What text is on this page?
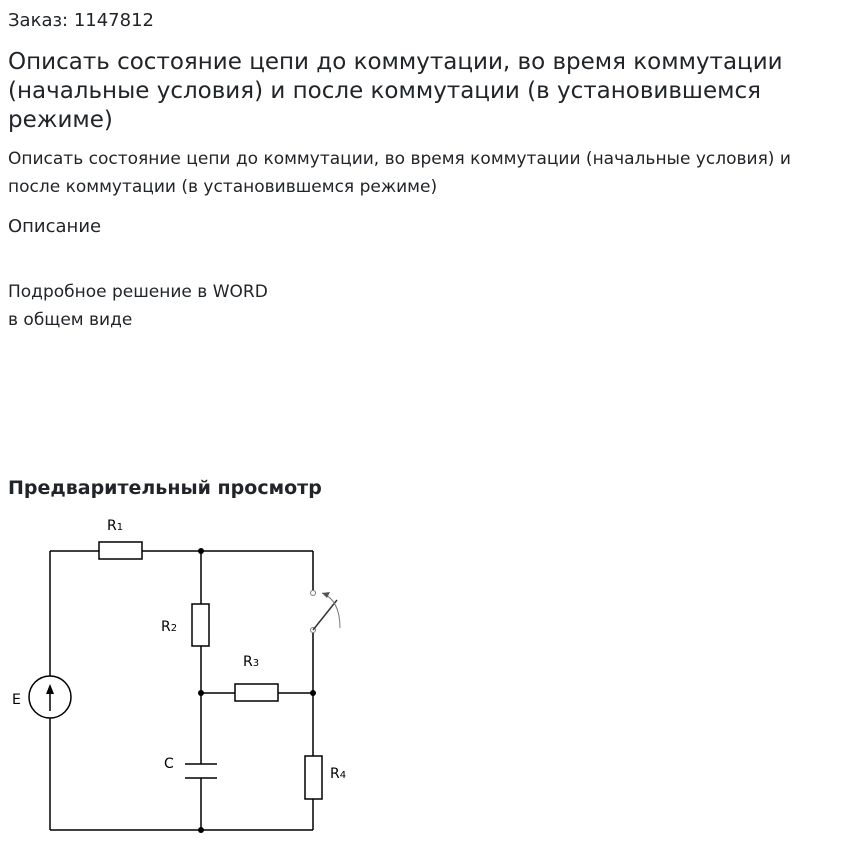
Заказ: 1147812
Описать состояние цепи до коммутации, во время коммутации (начальные условия) и после коммутации (в установившемся режиме)

Описать состояние цепи до коммутации, во время коммутации (начальные условия) и после коммутации (в установившемся режиме)

Описание
Подробное решение в WORD в общем виде
Предварительный просмотр
R1
R2
R3
R4
E
C
